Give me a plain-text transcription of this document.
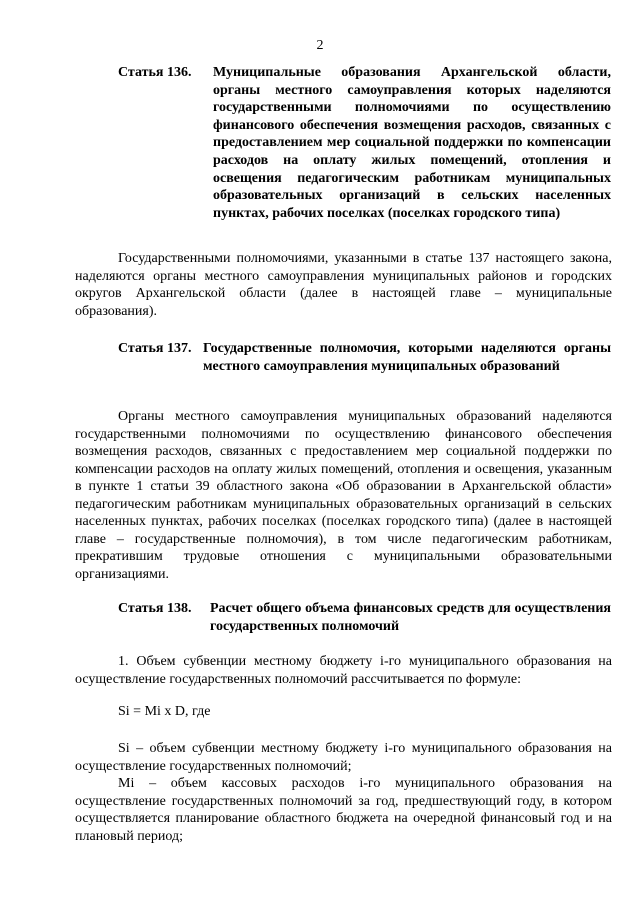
2
Статья 136.	Муниципальные образования Архангельской области, органы местного самоуправления которых наделяются государственными полномочиями по осуществлению финансового обеспечения возмещения расходов, связанных с предоставлением мер социальной поддержки по компенсации расходов на оплату жилых помещений, отопления и освещения педагогическим работникам муниципальных образовательных организаций в сельских населенных пунктах, рабочих поселках (поселках городского типа)

Государственными полномочиями, указанными в статье 137 настоящего закона, наделяются органы местного самоуправления муниципальных районов и городских округов Архангельской области (далее в настоящей главе – муниципальные образования).

Статья 137. Государственные полномочия, которыми наделяются органы местного самоуправления муниципальных образований

Органы местного самоуправления муниципальных образований наделяются государственными полномочиями по осуществлению финансового обеспечения возмещения расходов, связанных с предоставлением мер социальной поддержки по компенсации расходов на оплату жилых помещений, отопления и освещения, указанным в пункте 1 статьи 39 областного закона «Об образовании в Архангельской области» педагогическим работникам муниципальных образовательных организаций в сельских населенных пунктах, рабочих поселках (поселках городского типа) (далее в настоящей главе – государственные полномочия), в том числе педагогическим работникам, прекратившим трудовые отношения с муниципальными образовательными организациями.

Статья 138.	Расчет общего объема финансовых средств для осуществления государственных полномочий

1. Объем субвенции местному бюджету i-го муниципального образования на осуществление государственных полномочий рассчитывается по формуле:

Si = Mi x D, где

Si – объем субвенции местному бюджету i-го муниципального образования на осуществление государственных полномочий;

Mi – объем кассовых расходов i-го муниципального образования на осуществление государственных полномочий за год, предшествующий году, в котором осуществляется планирование областного бюджета на очередной финансовый год и на плановый период;
